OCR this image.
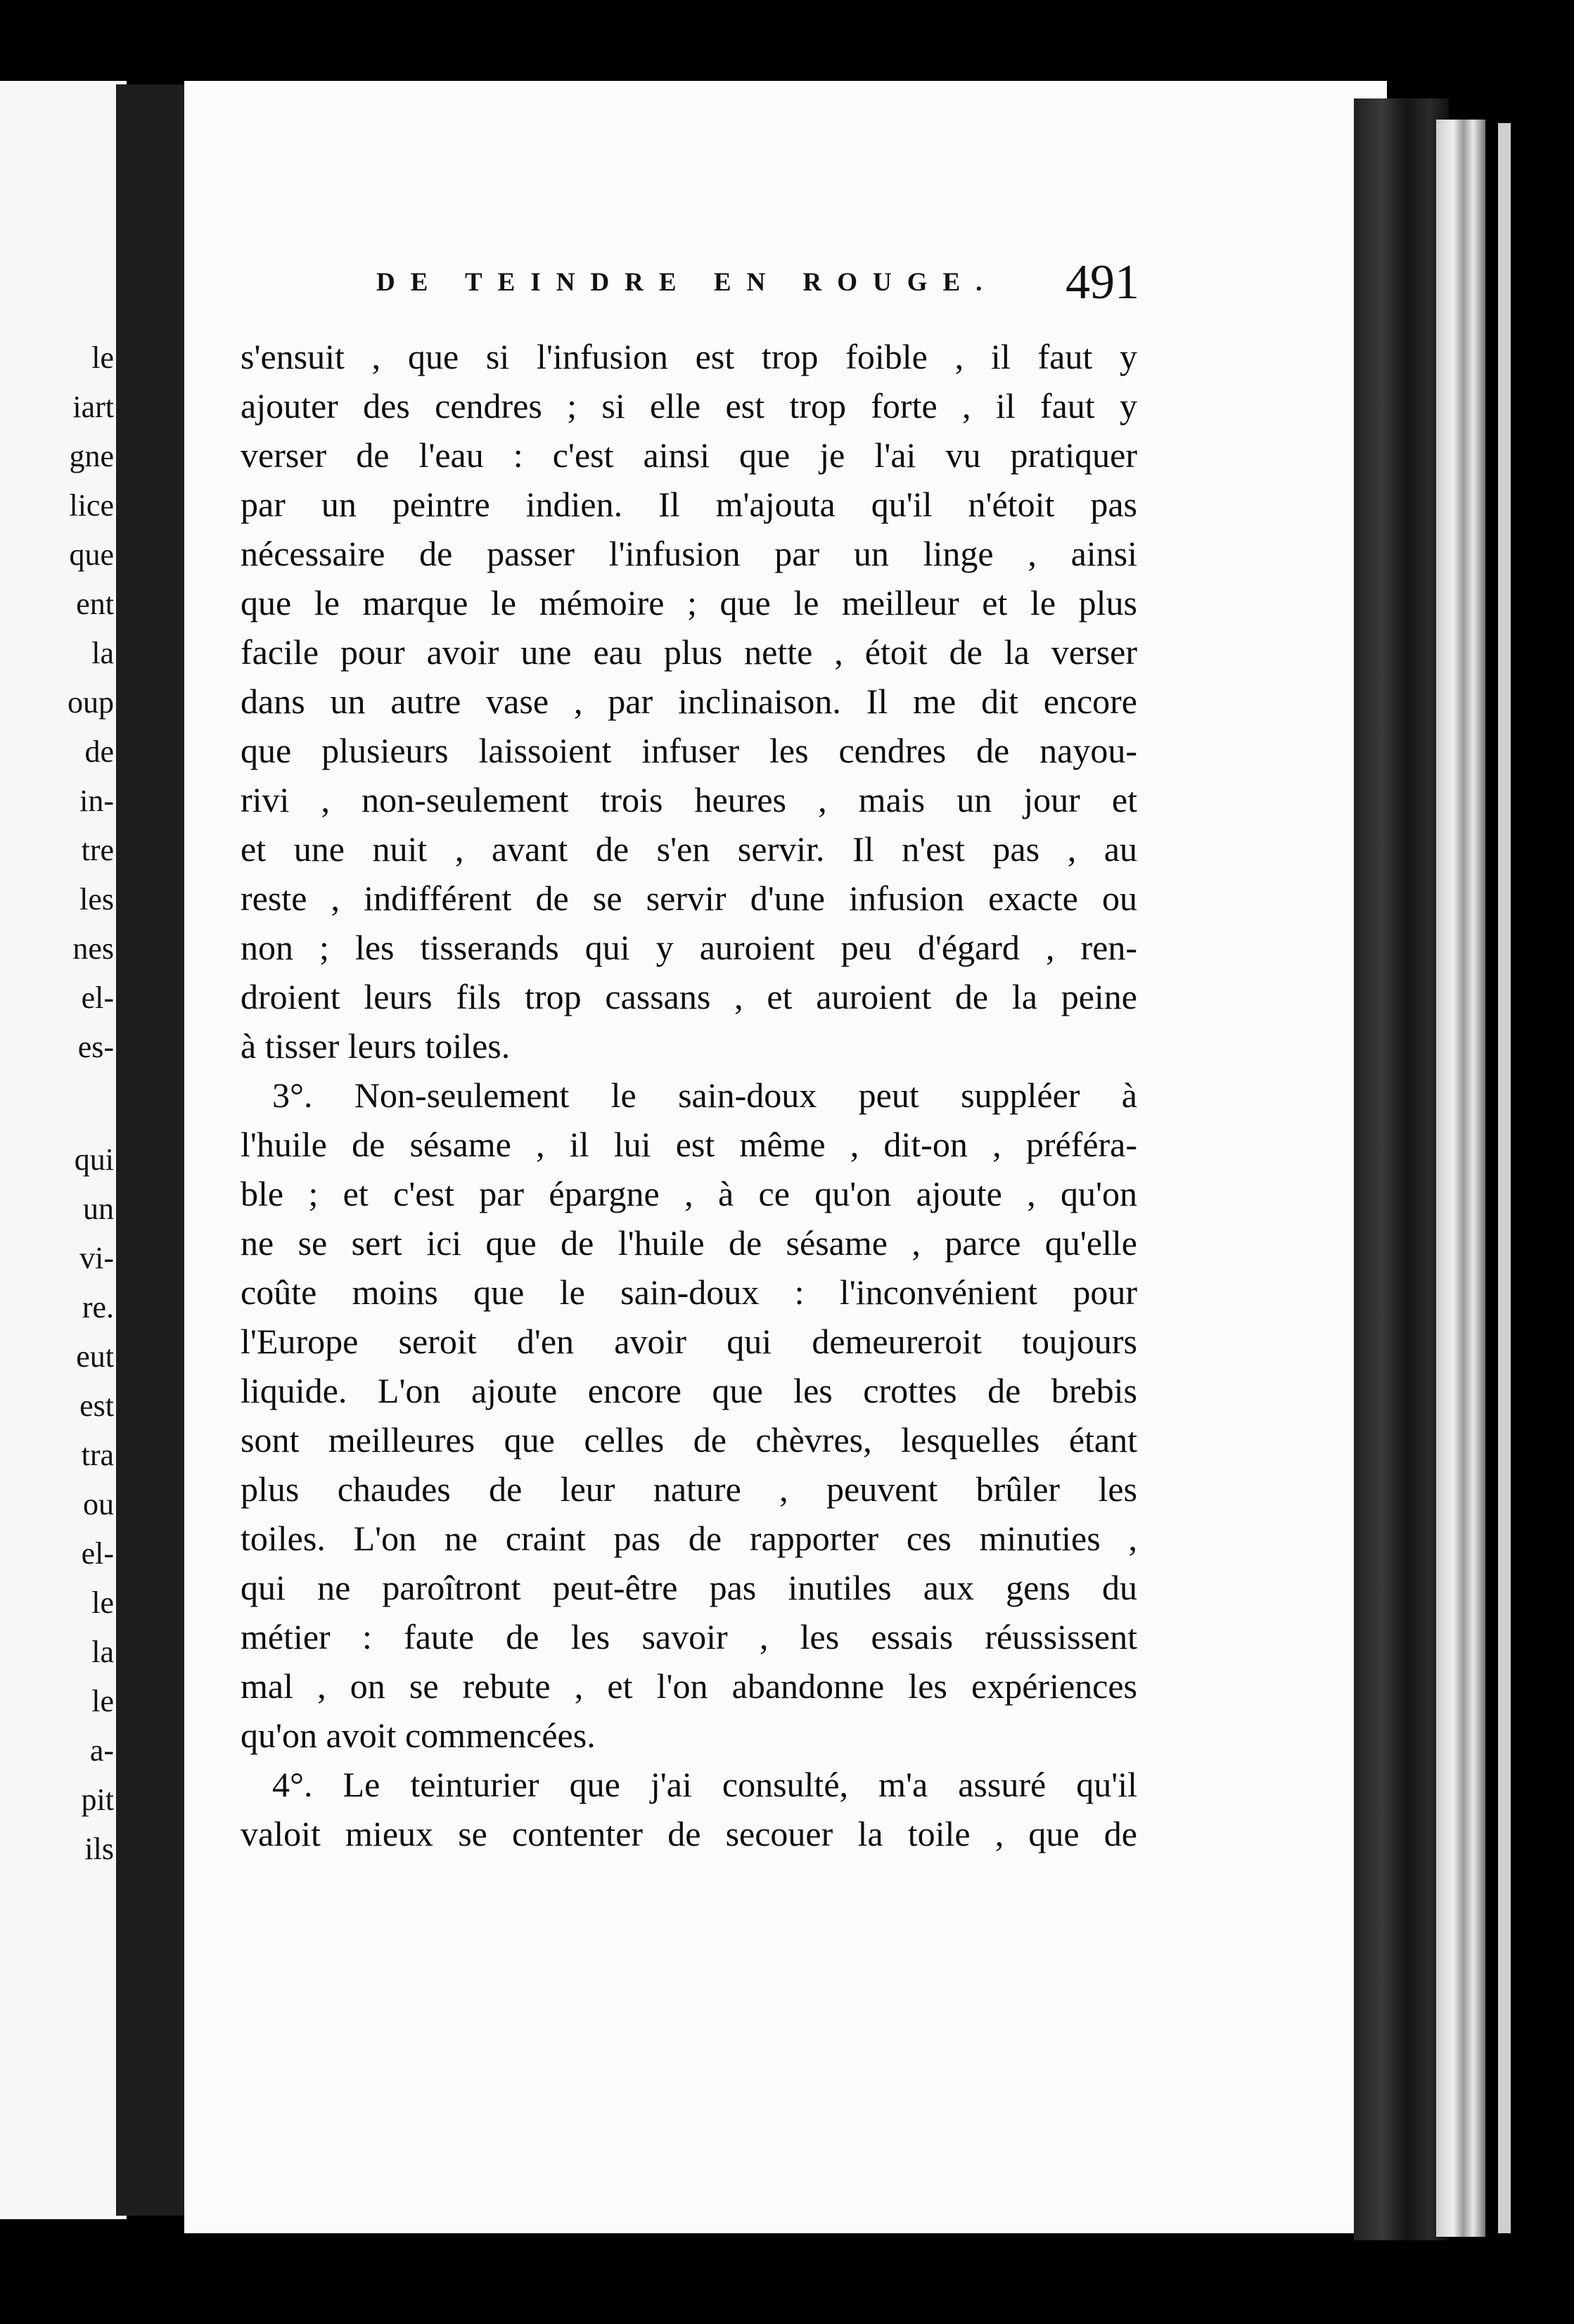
le
iart
gne
lice
que
ent
la
oup
de
in-
tre
les
nes
el-
es-
qui
un
vi-
re.
eut
est
tra
ou
el-
le
la
le
a-
pit
ils
DE TEINDRE EN ROUGE.	491
s'ensuit , que si l'infusion est trop foible , il faut y
ajouter des cendres ; si elle est trop forte , il faut y
verser de l'eau : c'est ainsi que je l'ai vu pratiquer
par un peintre indien. Il m'ajouta qu'il n'étoit pas
nécessaire de passer l'infusion par un linge , ainsi
que le marque le mémoire ; que le meilleur et le plus
facile pour avoir une eau plus nette , étoit de la verser
dans un autre vase , par inclinaison. Il me dit encore
que plusieurs laissoient infuser les cendres de nayou-
rivi , non-seulement trois heures , mais un jour et
et une nuit , avant de s'en servir. Il n'est pas , au
reste , indifférent de se servir d'une infusion exacte ou
non ; les tisserands qui y auroient peu d'égard , ren-
droient leurs fils trop cassans , et auroient de la peine
à tisser leurs toiles.
3°. Non-seulement le sain-doux peut suppléer à
l'huile de sésame , il lui est même , dit-on , préféra-
ble ; et c'est par épargne , à ce qu'on ajoute , qu'on
ne se sert ici que de l'huile de sésame , parce qu'elle
coûte moins que le sain-doux : l'inconvénient pour
l'Europe seroit d'en avoir qui demeureroit toujours
liquide. L'on ajoute encore que les crottes de brebis
sont meilleures que celles de chèvres, lesquelles étant
plus chaudes de leur nature , peuvent brûler les
toiles. L'on ne craint pas de rapporter ces minuties ,
qui ne paroîtront peut-être pas inutiles aux gens du
métier : faute de les savoir , les essais réussissent
mal , on se rebute , et l'on abandonne les expériences
qu'on avoit commencées.
4°. Le teinturier que j'ai consulté, m'a assuré qu'il
valoit mieux se contenter de secouer la toile , que de
